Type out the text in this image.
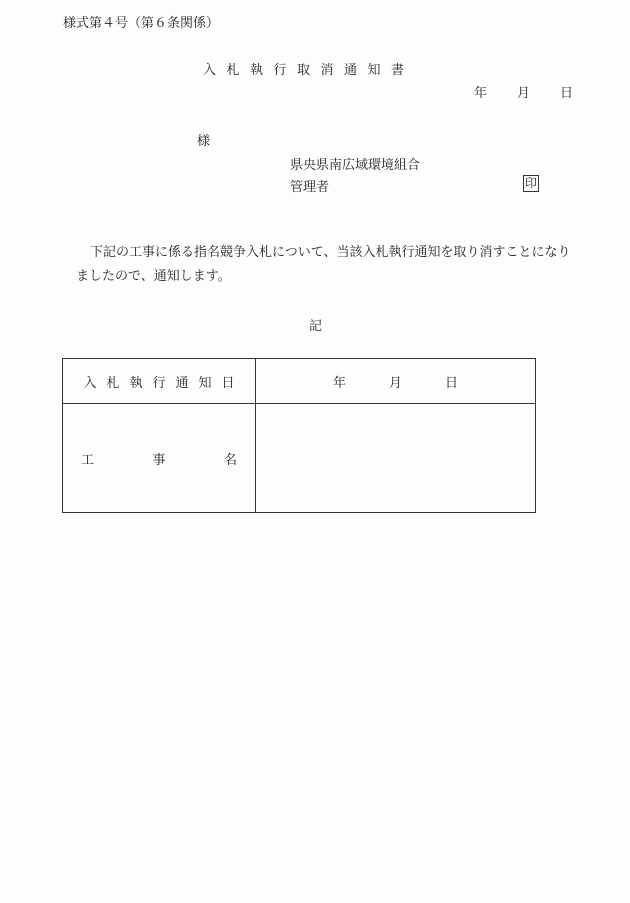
様式第４号（第６条関係）
入札執行取消通知書
年 月 日
様
県央県南広域環境組合
管理者	印
下記の工事に係る指名競争入札について、当該入札執行通知を取り消すことになりましたので、通知します。
記
入札執行通知日	年 月 日

工 事 名	
